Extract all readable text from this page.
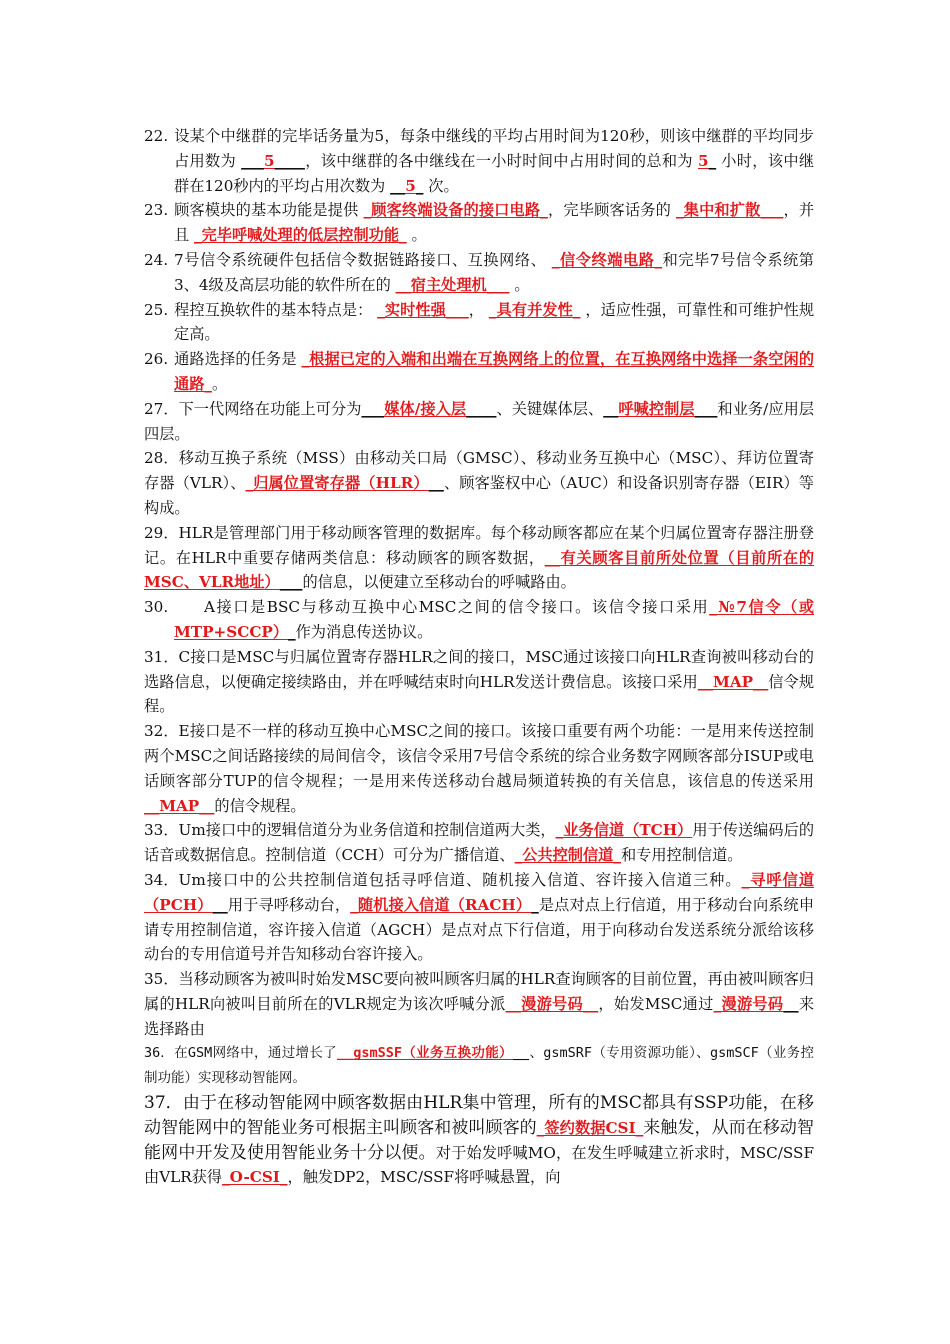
22. 设某个中继群的完毕话务量为5，每条中继线的平均占用时间为120秒，则该中继群的平均同步占用数为 ___5____，该中继群的各中继线在一小时时间中占用时间的总和为 5_ 小时，该中继群在120秒内的平均占用次数为 __5_ 次。

23. 顾客模块的基本功能是提供 _顾客终端设备的接口电路_，完毕顾客话务的 _集中和扩散___，并且 _完毕呼喊处理的低层控制功能_ 。

24. 7号信令系统硬件包括信令数据链路接口、互换网络、 _信令终端电路_和完毕7号信令系统第3、4级及高层功能的软件所在的 __宿主处理机___ 。

25. 程控互换软件的基本特点是： _实时性强___， _具有并发性_ ，适应性强，可靠性和可维护性规定高。

26. 通路选择的任务是 _根据已定的入端和出端在互换网络上的位置，在互换网络中选择一条空闲的通路_。

27．下一代网络在功能上可分为___媒体/接入层____、关键媒体层、__呼喊控制层___和业务/应用层四层。

28．移动互换子系统（MSS）由移动关口局（GMSC）、移动业务互换中心（MSC）、拜访位置寄存器（VLR）、_归属位置寄存器（HLR）__、顾客鉴权中心（AUC）和设备识别寄存器（EIR）等构成。

29．HLR是管理部门用于移动顾客管理的数据库。每个移动顾客都应在某个归属位置寄存器注册登记。在HLR中重要存储两类信息：移动顾客的顾客数据，__有关顾客目前所处位置（目前所在的MSC、VLR地址）___的信息，以便建立至移动台的呼喊路由。

30. A接口是BSC与移动互换中心MSC之间的信令接口。该信令接口采用_№7信令（或MTP+SCCP）_作为消息传送协议。

31．C接口是MSC与归属位置寄存器HLR之间的接口，MSC通过该接口向HLR查询被叫移动台的选路信息，以便确定接续路由，并在呼喊结束时向HLR发送计费信息。该接口采用__MAP__信令规程。

32．E接口是不一样的移动互换中心MSC之间的接口。该接口重要有两个功能：一是用来传送控制两个MSC之间话路接续的局间信令，该信令采用7号信令系统的综合业务数字网顾客部分ISUP或电话顾客部分TUP的信令规程；一是用来传送移动台越局频道转换的有关信息，该信息的传送采用__MAP__的信令规程。

33．Um接口中的逻辑信道分为业务信道和控制信道两大类，_业务信道（TCH）用于传送编码后的话音或数据信息。控制信道（CCH）可分为广播信道、_公共控制信道_和专用控制信道。

34．Um接口中的公共控制信道包括寻呼信道、随机接入信道、容许接入信道三种。_寻呼信道（PCH）__用于寻呼移动台，_随机接入信道（RACH）_是点对点上行信道，用于移动台向系统申请专用控制信道，容许接入信道（AGCH）是点对点下行信道，用于向移动台发送系统分派给该移动台的专用信道号并告知移动台容许接入。

35．当移动顾客为被叫时始发MSC要向被叫顾客归属的HLR查询顾客的目前位置，再由被叫顾客归属的HLR向被叫目前所在的VLR规定为该次呼喊分派__漫游号码__，始发MSC通过_漫游号码__来选择路由

36．在GSM网络中，通过增长了__gsmSSF（业务互换功能）__、gsmSRF（专用资源功能）、gsmSCF（业务控制功能）实现移动智能网。

37．由于在移动智能网中顾客数据由HLR集中管理，所有的MSC都具有SSP功能，在移动智能网中的智能业务可根据主叫顾客和被叫顾客的_签约数据CSI_来触发，从而在移动智能网中开发及使用智能业务十分以便。对于始发呼喊MO，在发生呼喊建立祈求时，MSC/SSF由VLR获得_O-CSI_，触发DP2，MSC/SSF将呼喊悬置，向
